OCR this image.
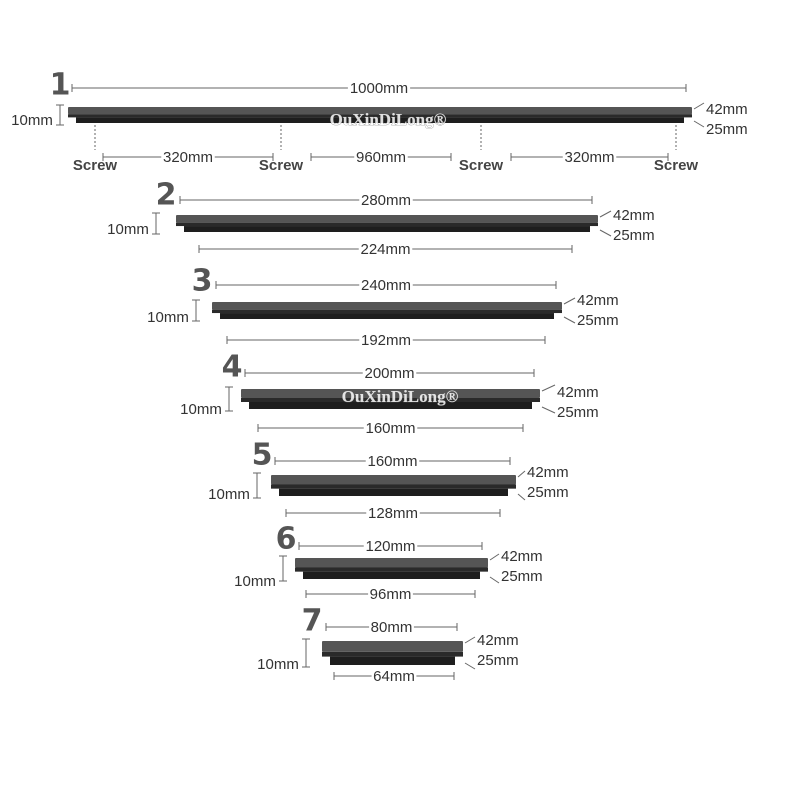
1	1000mm
10mm
42mm
25mm
Screw	Screw	Screw	Screw
320mm	960mm	320mm
2	280mm
10mm
42mm
25mm
224mm
3	240mm
10mm
42mm
25mm
192mm
4	200mm
10mm
42mm
25mm
160mm
5	160mm
10mm
42mm
25mm
128mm
6	120mm
10mm
42mm
25mm
96mm
7	80mm
10mm
42mm
25mm
64mm
OuXinDiLong®
OuXinDiLong®
